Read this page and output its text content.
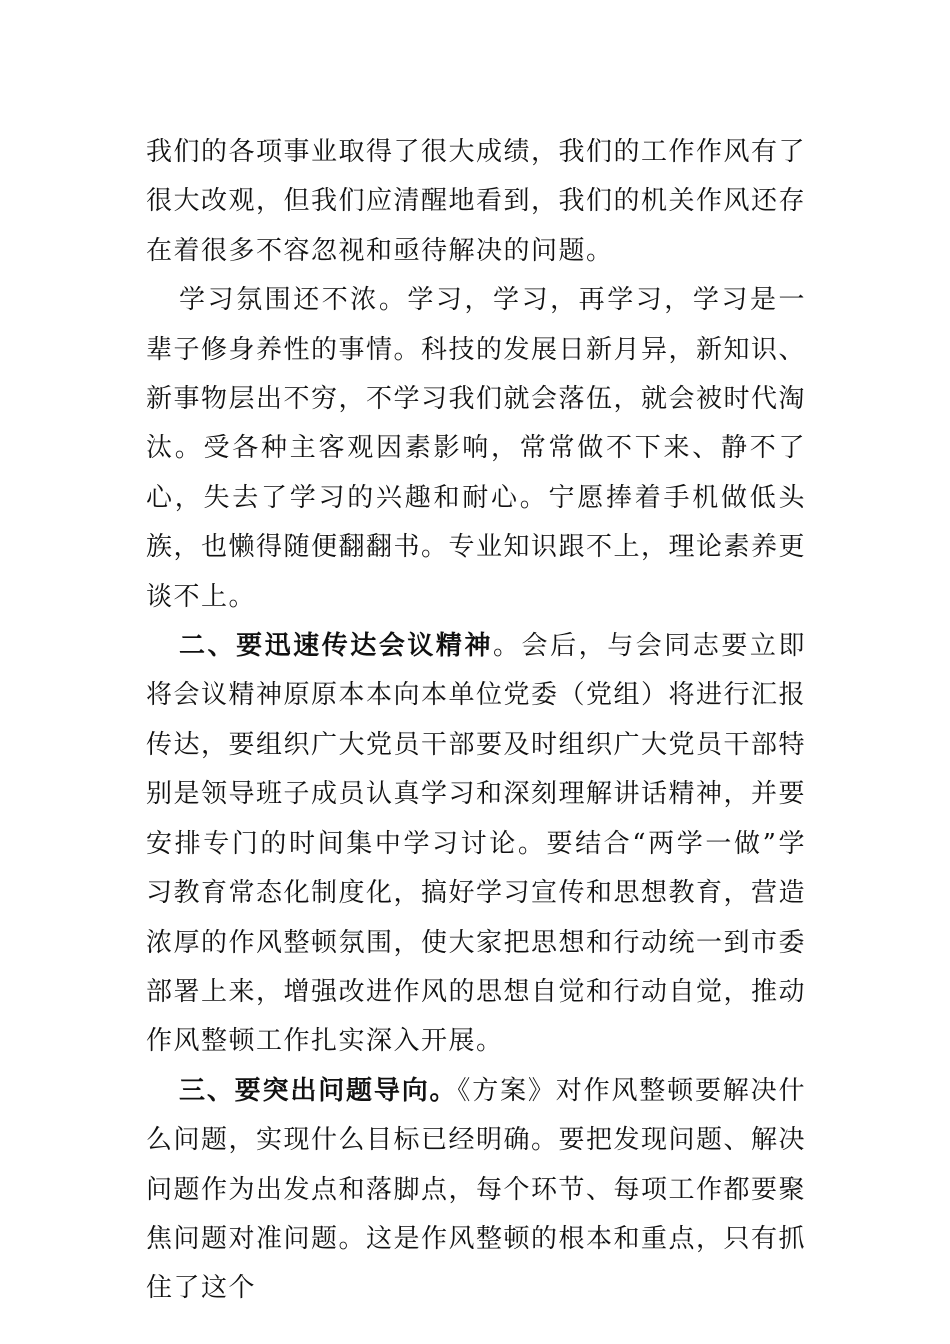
我们的各项事业取得了很大成绩，我们的工作作风有了很大改观，但我们应清醒地看到，我们的机关作风还存在着很多不容忽视和亟待解决的问题。

学习氛围还不浓。学习，学习，再学习，学习是一辈子修身养性的事情。科技的发展日新月异，新知识、新事物层出不穷，不学习我们就会落伍，就会被时代淘汰。受各种主客观因素影响，常常做不下来、静不了心，失去了学习的兴趣和耐心。宁愿捧着手机做低头族，也懒得随便翻翻书。专业知识跟不上，理论素养更谈不上。

二、要迅速传达会议精神。会后，与会同志要立即将会议精神原原本本向本单位党委（党组）将进行汇报传达，要组织广大党员干部要及时组织广大党员干部特别是领导班子成员认真学习和深刻理解讲话精神，并要安排专门的时间集中学习讨论。要结合“两学一做”学习教育常态化制度化，搞好学习宣传和思想教育，营造浓厚的作风整顿氛围，使大家把思想和行动统一到市委部署上来，增强改进作风的思想自觉和行动自觉，推动作风整顿工作扎实深入开展。

三、要突出问题导向。《方案》对作风整顿要解决什么问题，实现什么目标已经明确。要把发现问题、解决问题作为出发点和落脚点，每个环节、每项工作都要聚焦问题对准问题。这是作风整顿的根本和重点，只有抓住了这个
